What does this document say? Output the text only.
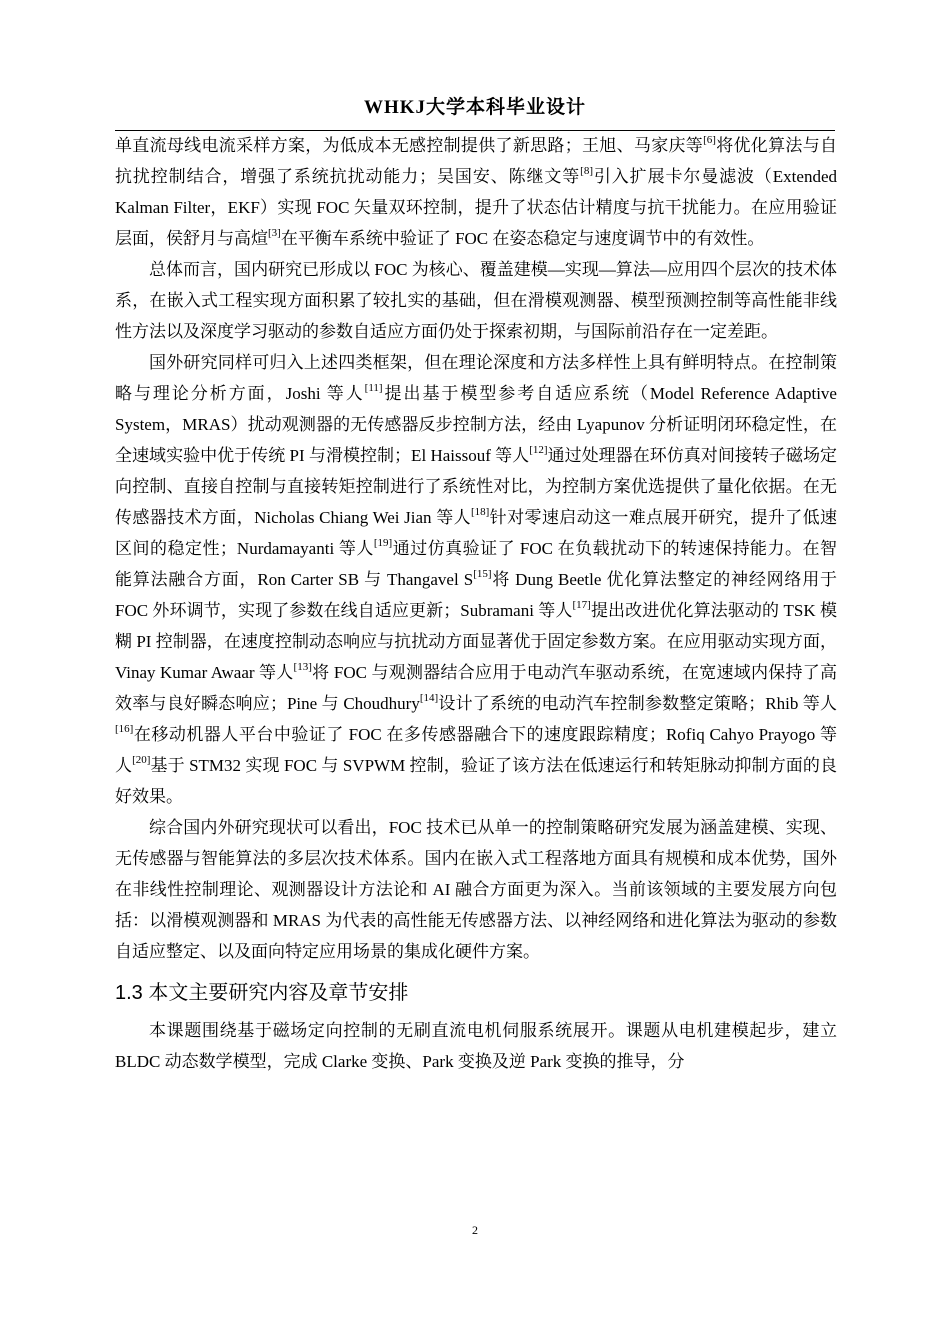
WHKJ大学本科毕业设计

单直流母线电流采样方案，为低成本无感控制提供了新思路；王旭、马家庆等[6]将优化算法与自抗扰控制结合，增强了系统抗扰动能力；吴国安、陈继文等[8]引入扩展卡尔曼滤波（Extended Kalman Filter，EKF）实现 FOC 矢量双环控制，提升了状态估计精度与抗干扰能力。在应用验证层面，侯舒月与高煊[3]在平衡车系统中验证了 FOC 在姿态稳定与速度调节中的有效性。

总体而言，国内研究已形成以 FOC 为核心、覆盖建模—实现—算法—应用四个层次的技术体系，在嵌入式工程实现方面积累了较扎实的基础，但在滑模观测器、模型预测控制等高性能非线性方法以及深度学习驱动的参数自适应方面仍处于探索初期，与国际前沿存在一定差距。

国外研究同样可归入上述四类框架，但在理论深度和方法多样性上具有鲜明特点。在控制策略与理论分析方面，Joshi 等人[11]提出基于模型参考自适应系统（Model Reference Adaptive System，MRAS）扰动观测器的无传感器反步控制方法，经由 Lyapunov 分析证明闭环稳定性，在全速域实验中优于传统 PI 与滑模控制；El Haissouf 等人[12]通过处理器在环仿真对间接转子磁场定向控制、直接自控制与直接转矩控制进行了系统性对比，为控制方案优选提供了量化依据。在无传感器技术方面，Nicholas Chiang Wei Jian 等人[18]针对零速启动这一难点展开研究，提升了低速区间的稳定性；Nurdamayanti 等人[19]通过仿真验证了 FOC 在负载扰动下的转速保持能力。在智能算法融合方面，Ron Carter SB 与 Thangavel S[15]将 Dung Beetle 优化算法整定的神经网络用于 FOC 外环调节，实现了参数在线自适应更新；Subramani 等人[17]提出改进优化算法驱动的 TSK 模糊 PI 控制器，在速度控制动态响应与抗扰动方面显著优于固定参数方案。在应用驱动实现方面，Vinay Kumar Awaar 等人[13]将 FOC 与观测器结合应用于电动汽车驱动系统，在宽速域内保持了高效率与良好瞬态响应；Pine 与 Choudhury[14]设计了系统的电动汽车控制参数整定策略；Rhib 等人[16]在移动机器人平台中验证了 FOC 在多传感器融合下的速度跟踪精度；Rofiq Cahyo Prayogo 等人[20]基于 STM32 实现 FOC 与 SVPWM 控制，验证了该方法在低速运行和转矩脉动抑制方面的良好效果。

综合国内外研究现状可以看出，FOC 技术已从单一的控制策略研究发展为涵盖建模、实现、无传感器与智能算法的多层次技术体系。国内在嵌入式工程落地方面具有规模和成本优势，国外在非线性控制理论、观测器设计方法论和 AI 融合方面更为深入。当前该领域的主要发展方向包括：以滑模观测器和 MRAS 为代表的高性能无传感器方法、以神经网络和进化算法为驱动的参数自适应整定、以及面向特定应用场景的集成化硬件方案。

1.3 本文主要研究内容及章节安排

本课题围绕基于磁场定向控制的无刷直流电机伺服系统展开。课题从电机建模起步，建立 BLDC 动态数学模型，完成 Clarke 变换、Park 变换及逆 Park 变换的推导，分

2
